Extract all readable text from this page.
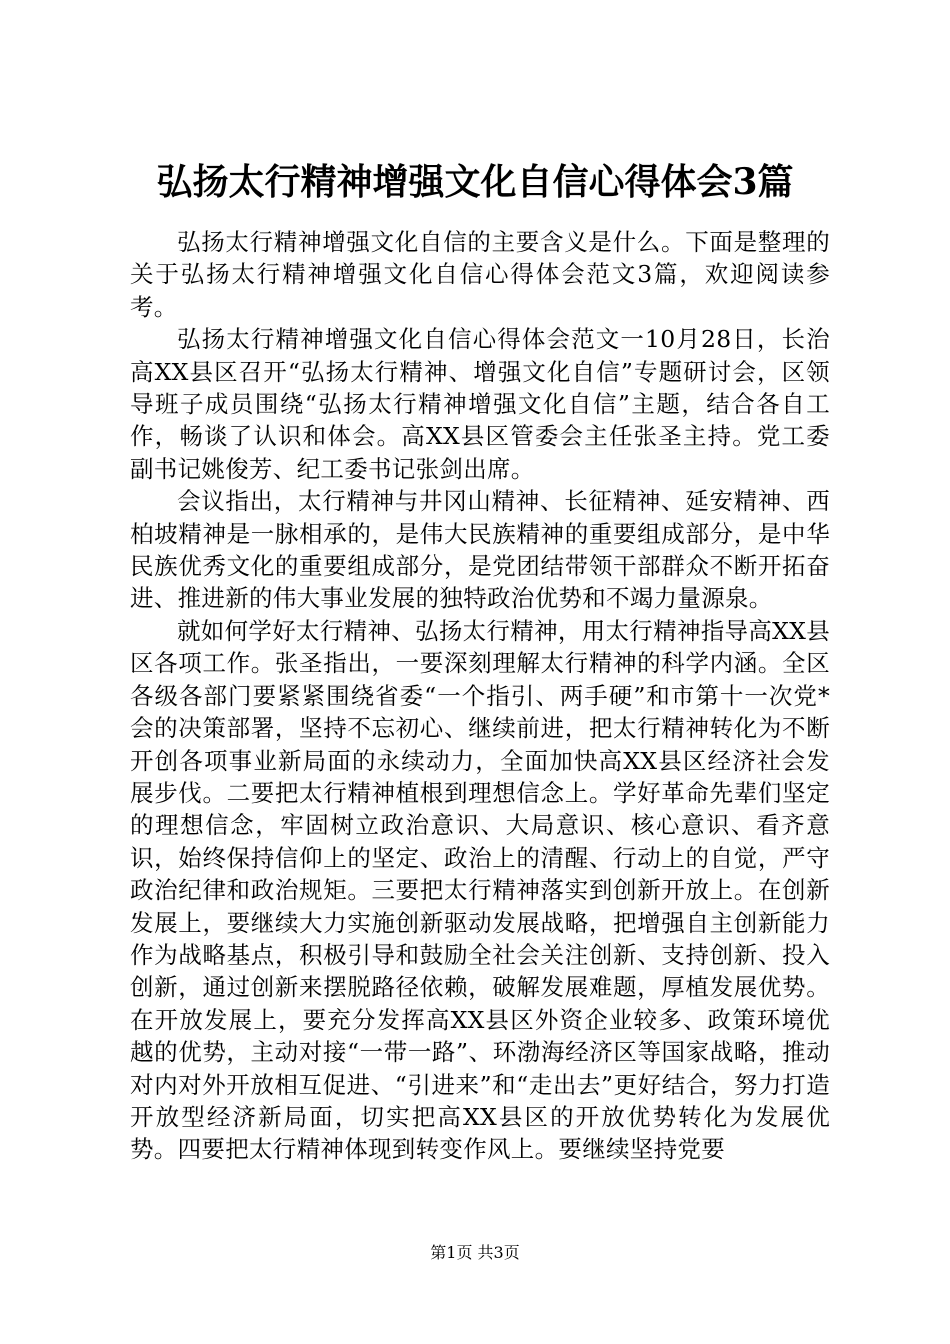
弘扬太行精神增强文化自信心得体会3篇

弘扬太行精神增强文化自信的主要含义是什么。下面是整理的关于弘扬太行精神增强文化自信心得体会范文3篇，欢迎阅读参考。

弘扬太行精神增强文化自信心得体会范文一10月28日，长治高XX县区召开“弘扬太行精神、增强文化自信”专题研讨会，区领导班子成员围绕“弘扬太行精神增强文化自信”主题，结合各自工作，畅谈了认识和体会。高XX县区管委会主任张圣主持。党工委副书记姚俊芳、纪工委书记张剑出席。

会议指出，太行精神与井冈山精神、长征精神、延安精神、西柏坡精神是一脉相承的，是伟大民族精神的重要组成部分，是中华民族优秀文化的重要组成部分，是党团结带领干部群众不断开拓奋进、推进新的伟大事业发展的独特政治优势和不竭力量源泉。

就如何学好太行精神、弘扬太行精神，用太行精神指导高XX县区各项工作。张圣指出，一要深刻理解太行精神的科学内涵。全区各级各部门要紧紧围绕省委“一个指引、两手硬”和市第十一次党*会的决策部署，坚持不忘初心、继续前进，把太行精神转化为不断开创各项事业新局面的永续动力，全面加快高XX县区经济社会发展步伐。二要把太行精神植根到理想信念上。学好革命先辈们坚定的理想信念，牢固树立政治意识、大局意识、核心意识、看齐意识，始终保持信仰上的坚定、政治上的清醒、行动上的自觉，严守政治纪律和政治规矩。三要把太行精神落实到创新开放上。在创新发展上，要继续大力实施创新驱动发展战略，把增强自主创新能力作为战略基点，积极引导和鼓励全社会关注创新、支持创新、投入创新，通过创新来摆脱路径依赖，破解发展难题，厚植发展优势。在开放发展上，要充分发挥高XX县区外资企业较多、政策环境优越的优势，主动对接“一带一路”、环渤海经济区等国家战略，推动对内对外开放相互促进、“引进来”和“走出去”更好结合，努力打造开放型经济新局面，切实把高XX县区的开放优势转化为发展优势。四要把太行精神体现到转变作风上。要继续坚持党要

第1页 共3页
